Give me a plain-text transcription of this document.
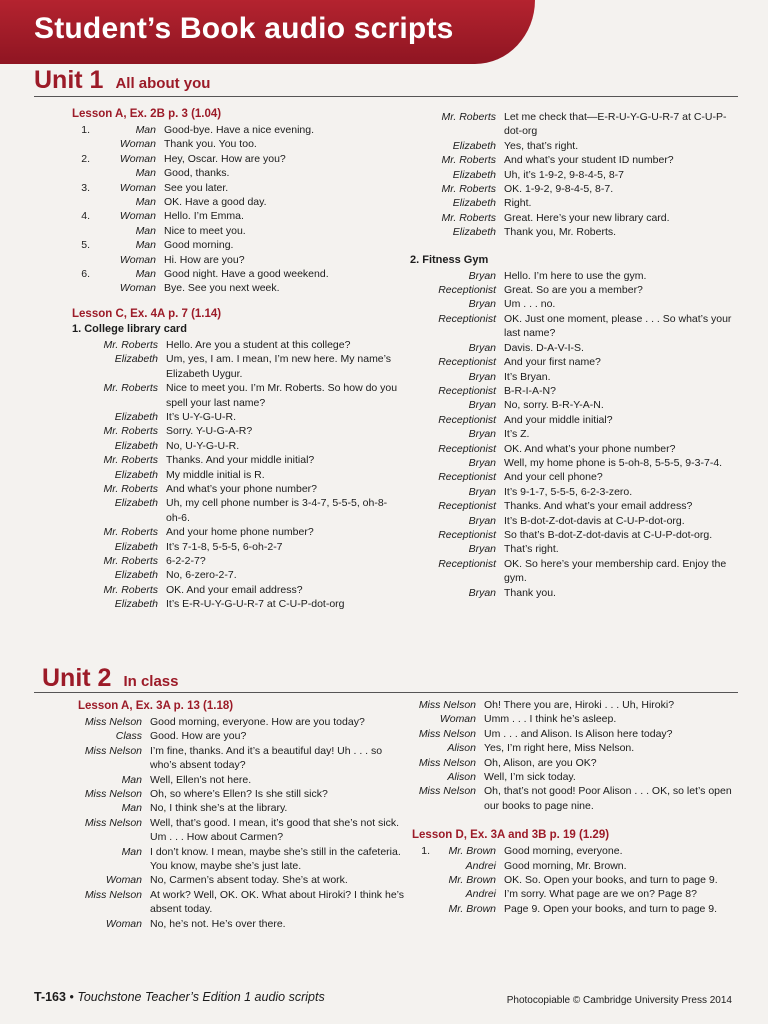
Student’s Book audio scripts
Unit 1 All about you
Lesson A, Ex. 2B p. 3 (1.04)
1.	Man Good-bye. Have a nice evening.
Woman Thank you. You too.
2.	Woman Hey, Oscar. How are you?
Man Good, thanks.
3.	Woman See you later.
Man OK. Have a good day.
4.	Woman Hello. I’m Emma.
Man Nice to meet you.
5.	Man Good morning.
Woman Hi. How are you?
6.	Man Good night. Have a good weekend.
Woman Bye. See you next week.
Lesson C, Ex. 4A p. 7 (1.14)
1. College library card
Mr. Roberts Hello. Are you a student at this college?
Elizabeth Um, yes, I am. I mean, I’m new here. My name’s Elizabeth Uygur.
Mr. Roberts Nice to meet you. I’m Mr. Roberts. So how do you spell your last name?
Elizabeth It’s U-Y-G-U-R.
Mr. Roberts Sorry. Y-U-G-A-R?
Elizabeth No, U-Y-G-U-R.
Mr. Roberts Thanks. And your middle initial?
Elizabeth My middle initial is R.
Mr. Roberts And what’s your phone number?
Elizabeth Uh, my cell phone number is 3-4-7, 5-5-5, oh-8-oh-6.
Mr. Roberts And your home phone number?
Elizabeth It’s 7-1-8, 5-5-5, 6-oh-2-7
Mr. Roberts 6-2-2-7?
Elizabeth No, 6-zero-2-7.
Mr. Roberts OK. And your email address?
Elizabeth It’s E-R-U-Y-G-U-R-7 at C-U-P-dot-org
Mr. Roberts Let me check that—E-R-U-Y-G-U-R-7 at C-U-P-dot-org
Elizabeth Yes, that’s right.
Mr. Roberts And what’s your student ID number?
Elizabeth Uh, it’s 1-9-2, 9-8-4-5, 8-7
Mr. Roberts OK. 1-9-2, 9-8-4-5, 8-7.
Elizabeth Right.
Mr. Roberts Great. Here’s your new library card.
Elizabeth Thank you, Mr. Roberts.
2. Fitness Gym
Bryan Hello. I’m here to use the gym.
Receptionist Great. So are you a member?
Bryan Um . . . no.
Receptionist OK. Just one moment, please . . . So what’s your last name?
Bryan Davis. D-A-V-I-S.
Receptionist And your first name?
Bryan It’s Bryan.
Receptionist B-R-I-A-N?
Bryan No, sorry. B-R-Y-A-N.
Receptionist And your middle initial?
Bryan It’s Z.
Receptionist OK. And what’s your phone number?
Bryan Well, my home phone is 5-oh-8, 5-5-5, 9-3-7-4.
Receptionist And your cell phone?
Bryan It’s 9-1-7, 5-5-5, 6-2-3-zero.
Receptionist Thanks. And what’s your email address?
Bryan It’s B-dot-Z-dot-davis at C-U-P-dot-org.
Receptionist So that’s B-dot-Z-dot-davis at C-U-P-dot-org.
Bryan That’s right.
Receptionist OK. So here’s your membership card. Enjoy the gym.
Bryan Thank you.
Unit 2 In class
Lesson A, Ex. 3A p. 13 (1.18)
Miss Nelson Good morning, everyone. How are you today?
Class Good. How are you?
Miss Nelson I’m fine, thanks. And it’s a beautiful day! Uh . . . so who’s absent today?
Man Well, Ellen’s not here.
Miss Nelson Oh, so where’s Ellen? Is she still sick?
Man No, I think she’s at the library.
Miss Nelson Well, that’s good. I mean, it’s good that she’s not sick. Um . . . How about Carmen?
Man I don’t know. I mean, maybe she’s still in the cafeteria. You know, maybe she’s just late.
Woman No, Carmen’s absent today. She’s at work.
Miss Nelson At work? Well, OK. OK. What about Hiroki? I think he’s absent today.
Woman No, he’s not. He’s over there.
Miss Nelson Oh! There you are, Hiroki . . . Uh, Hiroki?
Woman Umm . . . I think he’s asleep.
Miss Nelson Um . . . and Alison. Is Alison here today?
Alison Yes, I’m right here, Miss Nelson.
Miss Nelson Oh, Alison, are you OK?
Alison Well, I’m sick today.
Miss Nelson Oh, that’s not good! Poor Alison . . . OK, so let’s open our books to page nine.
Lesson D, Ex. 3A and 3B p. 19 (1.29)
1.	Mr. Brown Good morning, everyone.
Andrei Good morning, Mr. Brown.
Mr. Brown OK. So. Open your books, and turn to page 9.
Andrei I’m sorry. What page are we on? Page 8?
Mr. Brown Page 9. Open your books, and turn to page 9.
T-163 • Touchstone Teacher’s Edition 1 audio scripts	Photocopiable © Cambridge University Press 2014
